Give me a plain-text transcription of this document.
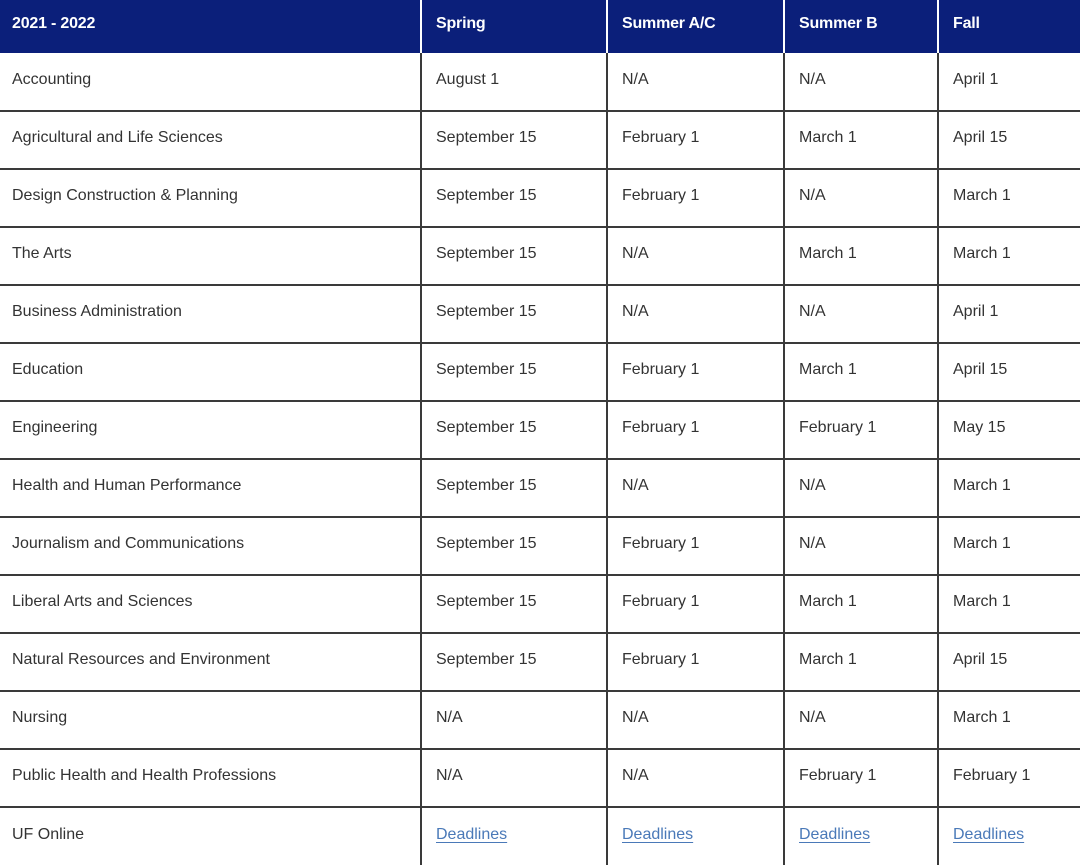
2021 - 2022	Spring	Summer A/C	Summer B	Fall
Accounting	August 1	N/A	N/A	April 1
Agricultural and Life Sciences	September 15	February 1	March 1	April 15
Design Construction & Planning	September 15	February 1	N/A	March 1
The Arts	September 15	N/A	March 1	March 1
Business Administration	September 15	N/A	N/A	April 1
Education	September 15	February 1	March 1	April 15
Engineering	September 15	February 1	February 1	May 15
Health and Human Performance	September 15	N/A	N/A	March 1
Journalism and Communications	September 15	February 1	N/A	March 1
Liberal Arts and Sciences	September 15	February 1	March 1	March 1
Natural Resources and Environment	September 15	February 1	March 1	April 15
Nursing	N/A	N/A	N/A	March 1
Public Health and Health Professions	N/A	N/A	February 1	February 1
UF Online	Deadlines	Deadlines	Deadlines	Deadlines
